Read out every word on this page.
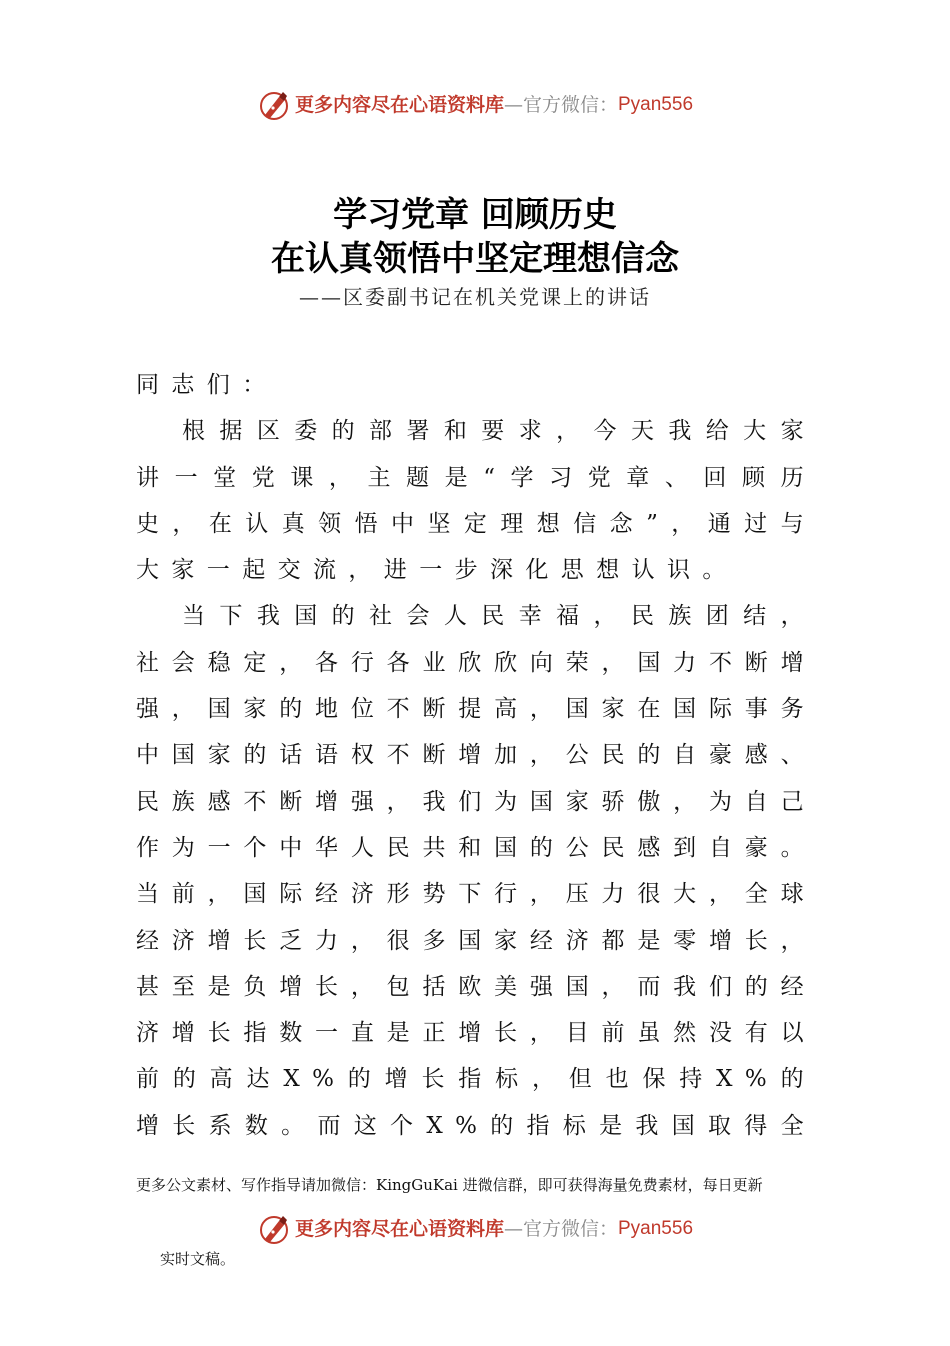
更多内容尽在心语资料库 —官方微信： Pyan556
学习党章 回顾历史
在认真领悟中坚定理想信念
——区委副书记在机关党课上的讲话

同志们：

根据区委的部署和要求，今天我给大家讲一堂党课，主题是“学习党章、回顾历史，在认真领悟中坚定理想信念”，通过与大家一起交流，进一步深化思想认识。

当下我国的社会人民幸福，民族团结，社会稳定，各行各业欣欣向荣，国力不断增强，国家的地位不断提高，国家在国际事务中国家的话语权不断增加，公民的自豪感、民族感不断增强，我们为国家骄傲，为自己作为一个中华人民共和国的公民感到自豪。当前，国际经济形势下行，压力很大，全球经济增长乏力，很多国家经济都是零增长，甚至是负增长，包括欧美强国，而我们的经济增长指数一直是正增长，目前虽然没有以前的高达X%的增长指标，但也保持X%的增长系数。而这个X%的指标是我国取得全

更多公文素材、写作指导请加微信：KingGuKai 进微信群，即可获得海量免费素材，每日更新
更多内容尽在心语资料库 —官方微信： Pyan556
实时文稿。
